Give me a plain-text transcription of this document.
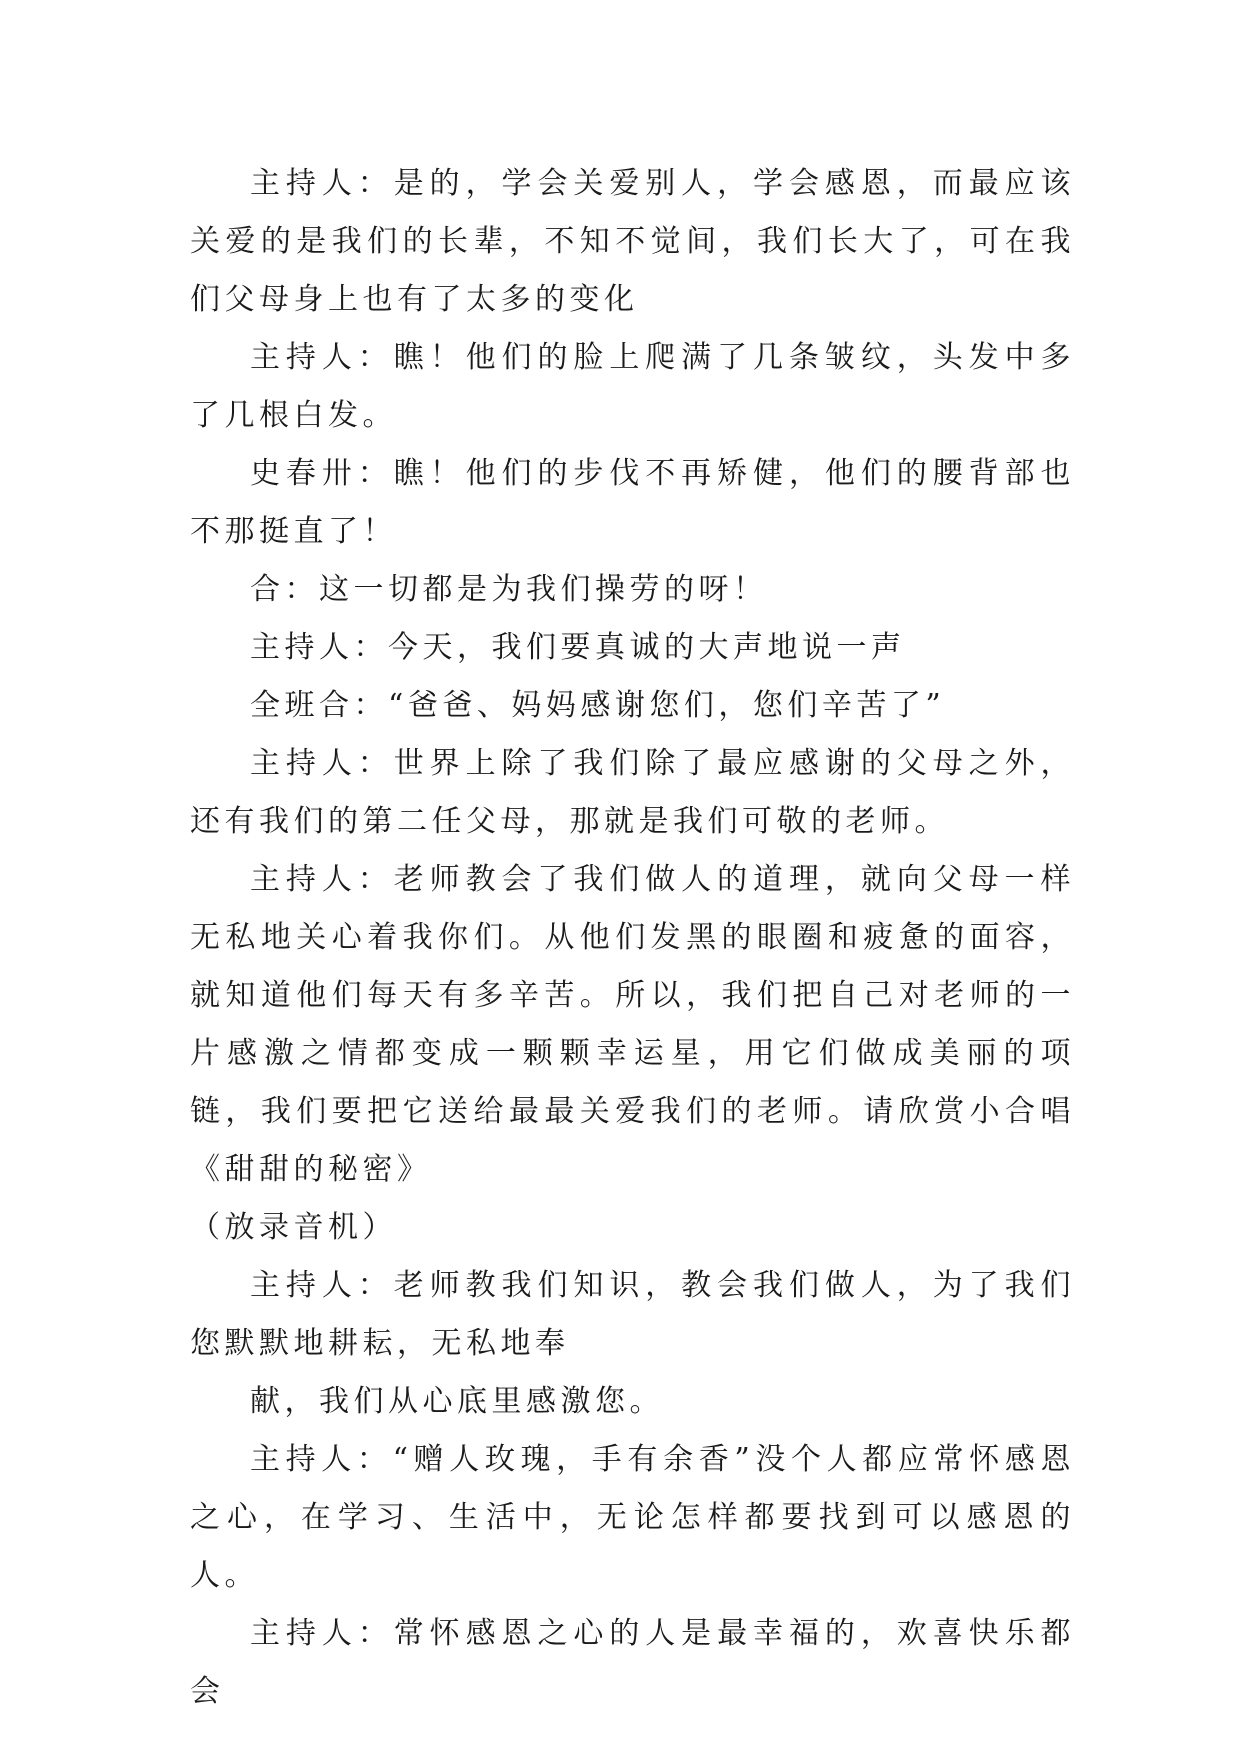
主持人：是的，学会关爱别人，学会感恩，而最应该关爱的是我们的长辈，不知不觉间，我们长大了，可在我们父母身上也有了太多的变化

主持人：瞧！他们的脸上爬满了几条皱纹，头发中多了几根白发。

史春卅：瞧！他们的步伐不再矫健，他们的腰背部也不那挺直了！

合：这一切都是为我们操劳的呀！

主持人：今天，我们要真诚的大声地说一声

全班合：“爸爸、妈妈感谢您们，您们辛苦了”

主持人：世界上除了我们除了最应感谢的父母之外，还有我们的第二任父母，那就是我们可敬的老师。

主持人：老师教会了我们做人的道理，就向父母一样无私地关心着我你们。从他们发黑的眼圈和疲惫的面容，就知道他们每天有多辛苦。所以，我们把自己对老师的一片感激之情都变成一颗颗幸运星，用它们做成美丽的项链，我们要把它送给最最关爱我们的老师。请欣赏小合唱《甜甜的秘密》

（放录音机）

主持人：老师教我们知识，教会我们做人，为了我们您默默地耕耘，无私地奉

献，我们从心底里感激您。

主持人：“赠人玫瑰，手有余香”没个人都应常怀感恩之心，在学习、生活中，无论怎样都要找到可以感恩的人。

主持人：常怀感恩之心的人是最幸福的，欢喜快乐都会
